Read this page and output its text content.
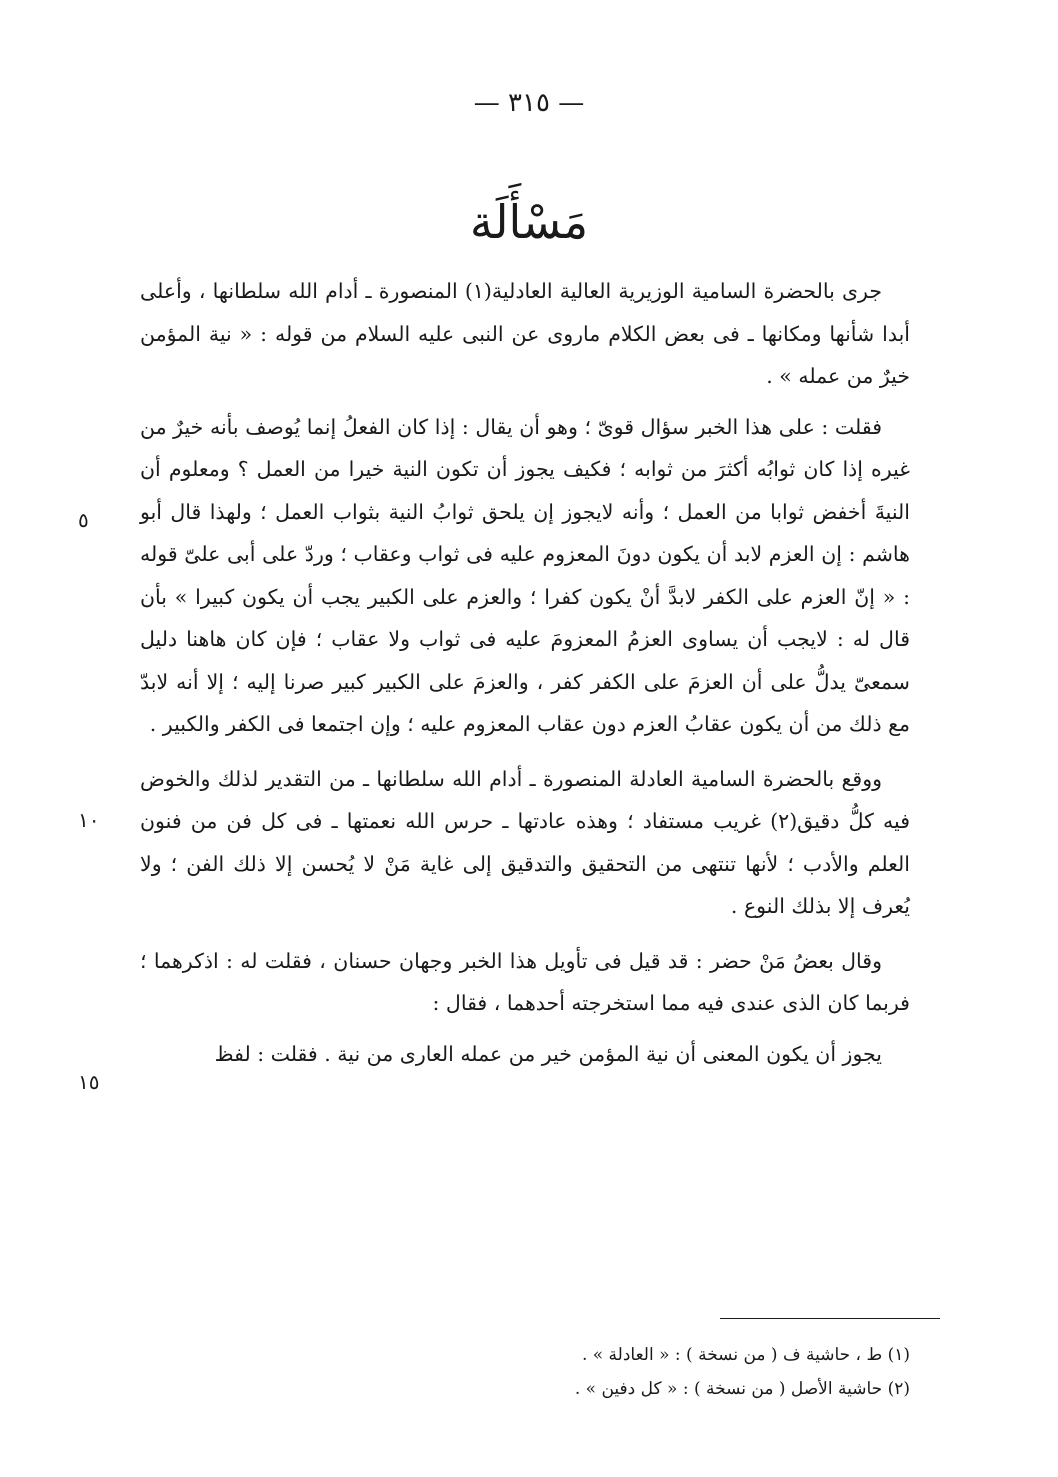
— ٣١٥ —
مَسْأَلَة

جرى بالحضرة السامية الوزيرية العالية العادلية(١) المنصورة ـ أدام الله سلطانها ، وأعلى أبدا شأنها ومكانها ـ فى بعض الكلام ماروى عن النبى عليه السلام من قوله : « نية المؤمن خيرٌ من عمله » .

فقلت : على هذا الخبر سؤال قوىّ ؛ وهو أن يقال : إذا كان الفعلُ إنما يُوصف بأنه خيرٌ من غيره إذا كان ثوابُه أكثرَ من ثوابه ؛ فكيف يجوز أن تكون النية خيرا من العمل ؟ ومعلوم أن النيةَ أخفض ثوابا من العمل ؛ وأنه لايجوز إن يلحق ثوابُ النية بثواب العمل ؛ ولهذا قال أبو هاشم : إن العزم لابد أن يكون دونَ المعزوم عليه فى ثواب وعقاب ؛ وردّ على أبى علىّ قوله : « إنّ العزم على الكفر لابدَّ أنْ يكون كفرا ؛ والعزم على الكبير يجب أن يكون كبيرا » بأن قال له : لايجب أن يساوى العزمُ المعزومَ عليه فى ثواب ولا عقاب ؛ فإن كان هاهنا دليل سمعىّ يدلُّ على أن العزمَ على الكفر كفر ، والعزمَ على الكبير كبير صرنا إليه ؛ إلا أنه لابدّ مع ذلك من أن يكون عقابُ العزم دون عقاب المعزوم عليه ؛ وإن اجتمعا فى الكفر والكبير .

ووقع بالحضرة السامية العادلة المنصورة ـ أدام الله سلطانها ـ من التقدير لذلك والخوض فيه كلُّ دقيق(٢) غريب مستفاد ؛ وهذه عادتها ـ حرس الله نعمتها ـ فى كل فن من فنون العلم والأدب ؛ لأنها تنتهى من التحقيق والتدقيق إلى غاية مَنْ لا يُحسن إلا ذلك الفن ؛ ولا يُعرف إلا بذلك النوع .

وقال بعضُ مَنْ حضر : قد قيل فى تأويل هذا الخبر وجهان حسنان ، فقلت له : اذكرهما ؛ فربما كان الذى عندى فيه مما استخرجته أحدهما ، فقال :

يجوز أن يكون المعنى أن نية المؤمن خير من عمله العارى من نية . فقلت : لفظ

٥
١٠
١٥

(١) ط ، حاشية ف ( من نسخة ) : « العادلة » .

(٢) حاشية الأصل ( من نسخة ) : « كل دفين » .
